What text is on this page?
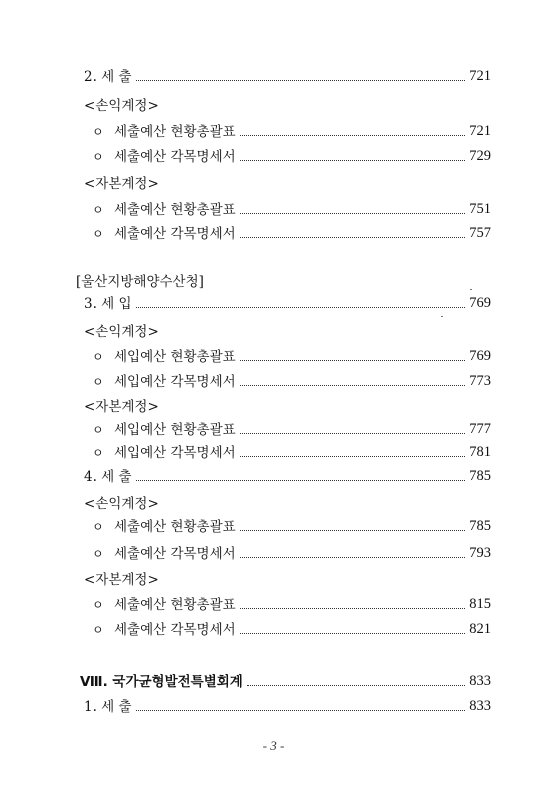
2. 세 출	721
<손익계정>
ㅇ 세출예산 현황총괄표	721
ㅇ 세출예산 각목명세서	729
<자본계정>
ㅇ 세출예산 현황총괄표	751
ㅇ 세출예산 각목명세서	757
[울산지방해양수산청]
3. 세 입	769
<손익계정>
ㅇ 세입예산 현황총괄표	769
ㅇ 세입예산 각목명세서	773
<자본계정>
ㅇ 세입예산 현황총괄표	777
ㅇ 세입예산 각목명세서	781
4. 세 출	785
<손익계정>
ㅇ 세출예산 현황총괄표	785
ㅇ 세출예산 각목명세서	793
<자본계정>
ㅇ 세출예산 현황총괄표	815
ㅇ 세출예산 각목명세서	821
Ⅷ. 국가균형발전특별회계	833
1. 세 출	833
- 3 -
